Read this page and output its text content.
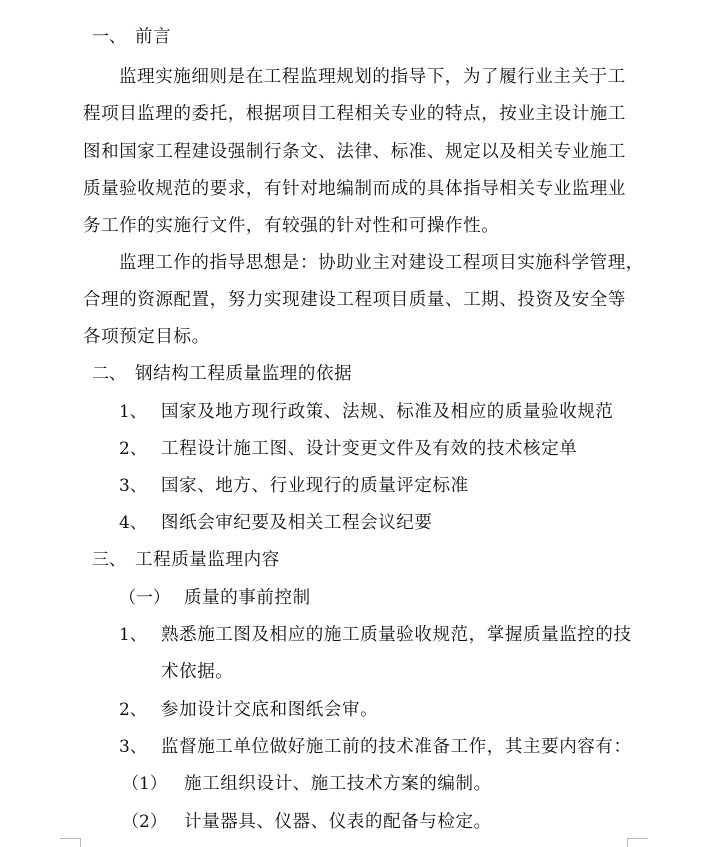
一、 前言
监理实施细则是在工程监理规划的指导下，为了履行业主关于工
程项目监理的委托，根据项目工程相关专业的特点，按业主设计施工
图和国家工程建设强制行条文、法律、标准、规定以及相关专业施工
质量验收规范的要求，有针对地编制而成的具体指导相关专业监理业
务工作的实施行文件，有较强的针对性和可操作性。
监理工作的指导思想是：协助业主对建设工程项目实施科学管理，
合理的资源配置，努力实现建设工程项目质量、工期、投资及安全等
各项预定目标。
二、 钢结构工程质量监理的依据
1、 国家及地方现行政策、法规、标准及相应的质量验收规范
2、 工程设计施工图、设计变更文件及有效的技术核定单
3、 国家、地方、行业现行的质量评定标准
4、 图纸会审纪要及相关工程会议纪要
三、 工程质量监理内容
（一） 质量的事前控制
1、 熟悉施工图及相应的施工质量验收规范，掌握质量监控的技
术依据。
2、 参加设计交底和图纸会审。
3、 监督施工单位做好施工前的技术准备工作，其主要内容有：
（1） 施工组织设计、施工技术方案的编制。
（2） 计量器具、仪器、仪表的配备与检定。
